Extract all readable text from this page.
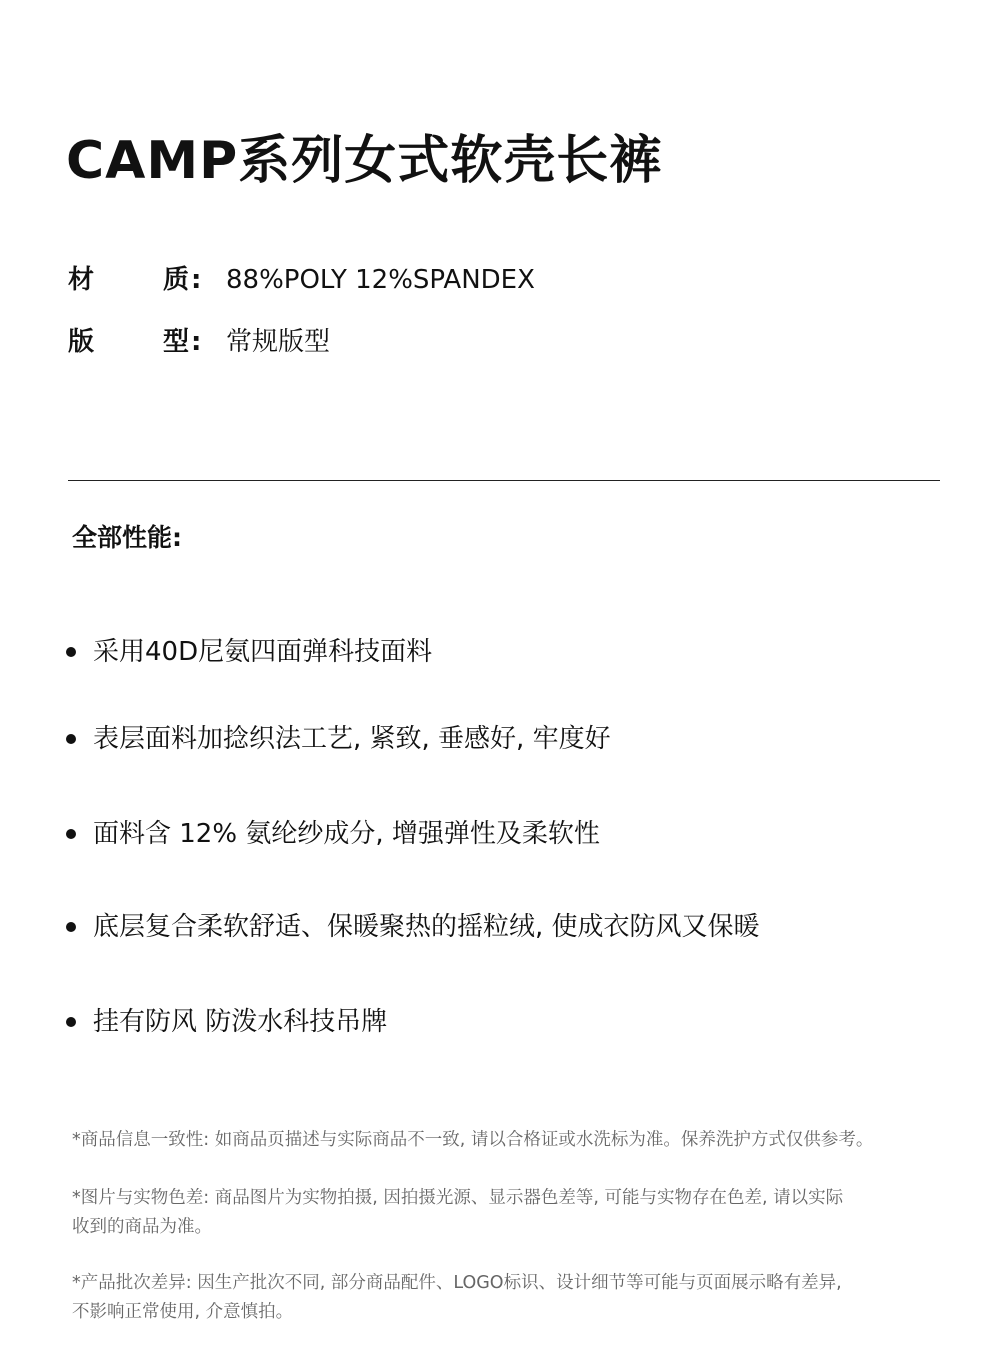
CAMP系列女式软壳长裤
材	质 : 88%POLY 12%SPANDEX
版	型 : 常规版型
全部性能:
采用40D尼氨四面弹科技面料
表层面料加捻织法工艺, 紧致, 垂感好, 牢度好
面料含 12% 氨纶纱成分, 增强弹性及柔软性
底层复合柔软舒适、保暖聚热的摇粒绒, 使成衣防风又保暖
挂有防风 防泼水科技吊牌
*商品信息一致性: 如商品页描述与实际商品不一致, 请以合格证或水洗标为准。保养洗护方式仅供参考。
*图片与实物色差: 商品图片为实物拍摄, 因拍摄光源、显示器色差等, 可能与实物存在色差, 请以实际
收到的商品为准。
*产品批次差异: 因生产批次不同, 部分商品配件、LOGO标识、设计细节等可能与页面展示略有差异,
不影响正常使用, 介意慎拍。
